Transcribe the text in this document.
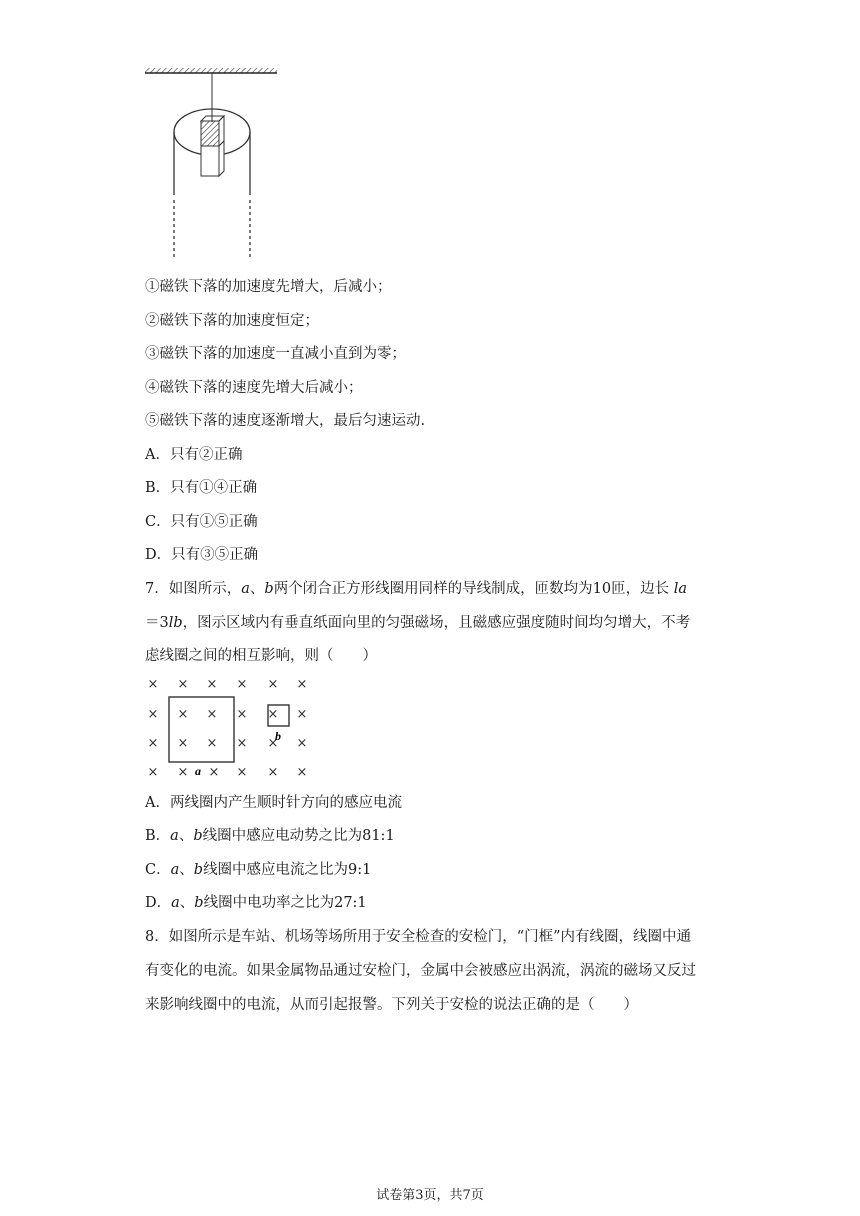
①磁铁下落的加速度先增大，后减小；
②磁铁下落的加速度恒定；
③磁铁下落的加速度一直减小直到为零；
④磁铁下落的速度先增大后减小；
⑤磁铁下落的速度逐渐增大，最后匀速运动.
A．只有②正确
B．只有①④正确
C．只有①⑤正确
D．只有③⑤正确
7．如图所示，a、b两个闭合正方形线圈用同样的导线制成，匝数均为10匝，边长 la
＝3lb，图示区域内有垂直纸面向里的匀强磁场，且磁感应强度随时间均匀增大，不考
虑线圈之间的相互影响，则（　　）
× × × × × ×
× × × × × ×
× × × × × ×
× × × × × ×
a
b
A．两线圈内产生顺时针方向的感应电流
B．a、b线圈中感应电动势之比为81:1
C．a、b线圈中感应电流之比为9:1
D．a、b线圈中电功率之比为27:1
8．如图所示是车站、机场等场所用于安全检查的安检门，“门框”内有线圈，线圈中通
有变化的电流。如果金属物品通过安检门，金属中会被感应出涡流，涡流的磁场又反过
来影响线圈中的电流，从而引起报警。下列关于安检的说法正确的是（　　）
试卷第3页，共7页
